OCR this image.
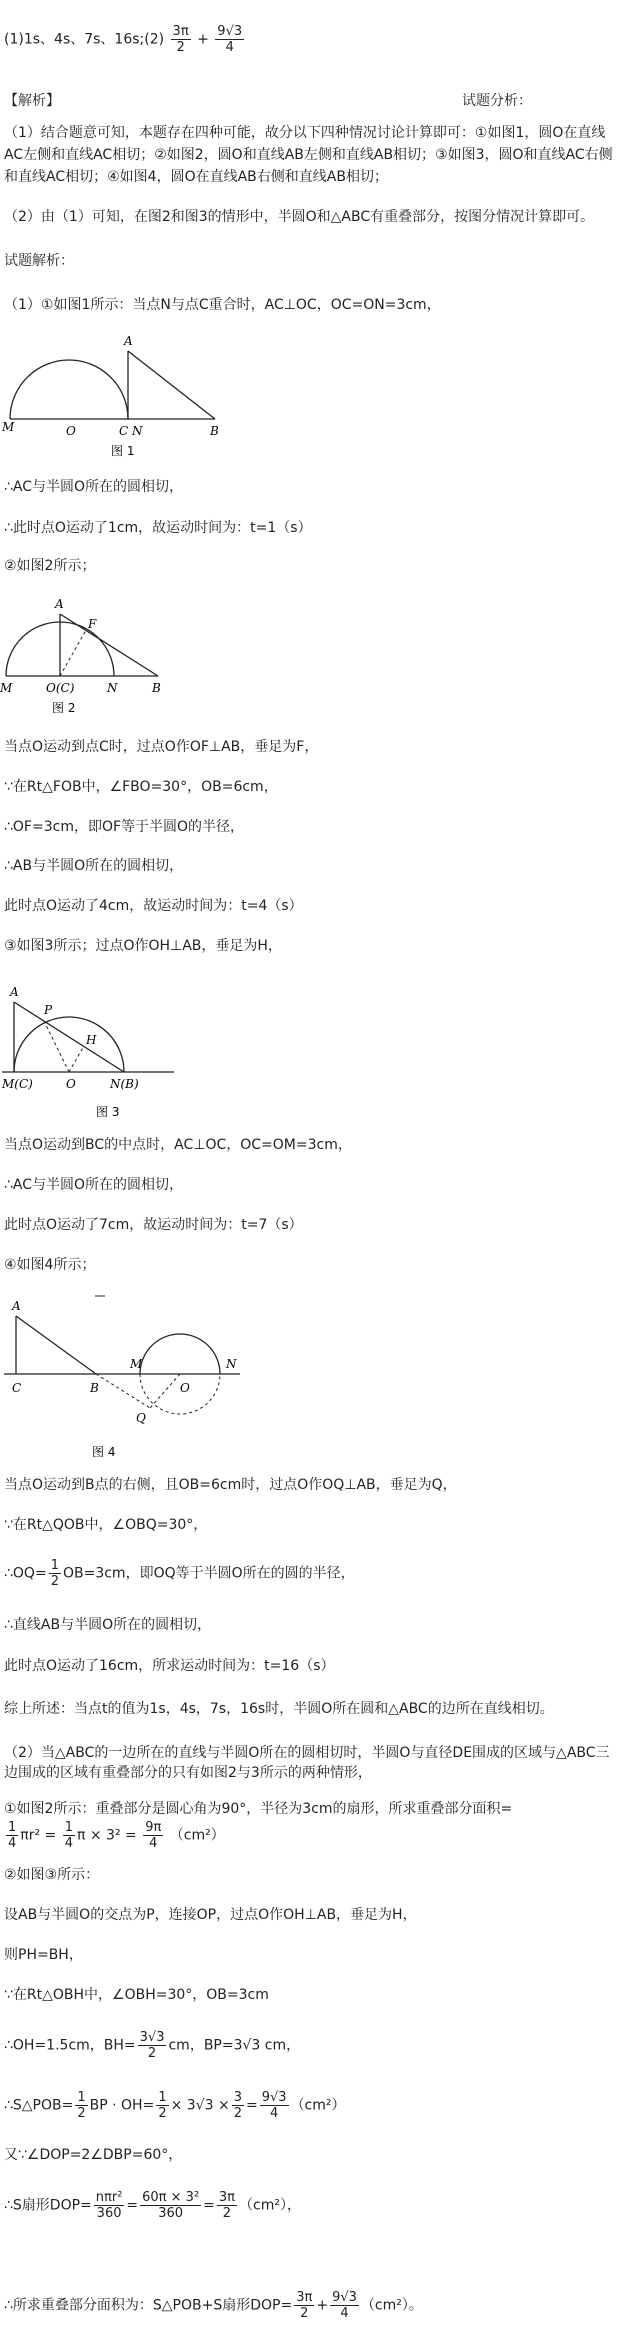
(1)1s、4s、7s、16s;(2) $\frac{3\pi}{2} + \frac{9√3}{4}$
【解析】	试题分析：
（1）结合题意可知，本题存在四种可能，故分以下四种情况讨论计算即可：①如图1，圆O在直线AC左侧和直线AC相切；②如图2，圆O和直线AB左侧和直线AB相切；③如图3，圆O和直线AC右侧和直线AC相切；④如图4，圆O在直线AB右侧和直线AB相切；
（2）由（1）可知，在图2和图3的情形中，半圆O和△ABC有重叠部分，按图分情况计算即可。
试题解析：
（1）①如图1所示：当点N与点C重合时，AC⊥OC，OC=ON=3cm，
A
M	O	C N	B
图 1
∴AC与半圆O所在的圆相切，
∴此时点O运动了1cm，故运动时间为：t=1（s）
②如图2所示；
A
F
M	O(C)	N	B
图 2
当点O运动到点C时，过点O作OF⊥AB，垂足为F，
∵在Rt△FOB中，∠FBO=30°，OB=6cm，
∴OF=3cm，即OF等于半圆O的半径，
∴AB与半圆O所在的圆相切，
此时点O运动了4cm，故运动时间为：t=4（s）
③如图3所示；过点O作OH⊥AB，垂足为H，
A
P
H
M(C)	O	N(B)
图 3
当点O运动到BC的中点时，AC⊥OC，OC=OM=3cm，
∴AC与半圆O所在的圆相切，
此时点O运动了7cm，故运动时间为：t=7（s）
④如图4所示；
A
C	B
M
O
N
Q
图 4
当点O运动到B点的右侧，且OB=6cm时，过点O作OQ⊥AB，垂足为Q，
∵在Rt△QOB中，∠OBQ=30°，
∴OQ= $\frac{1}{2} OB=3cm$，即OQ等于半圆O所在的圆的半径，
∴直线AB与半圆O所在的圆相切，
此时点O运动了16cm，所求运动时间为：t=16（s）
综上所述：当点t的值为1s，4s，7s，16s时，半圆O所在圆和△ABC的边所在直线相切。
（2）当△ABC的一边所在的直线与半圆O所在的圆相切时，半圆O与直径DE围成的区域与△ABC三
边围成的区域有重叠部分的只有如图2与3所示的两种情形，
①如图2所示：重叠部分是圆心角为90°，半径为3cm的扇形，所求重叠部分面积=
$\frac{1}{4} \pi r^2 = \frac{1}{4}$ $\pi \times 3^2 = \frac{9\pi}{4} (cm^2)$
②如图③所示：
设AB与半圆O的交点为P，连接OP，过点O作OH⊥AB，垂足为H，
则PH=BH，
∵在Rt△OBH中，∠OBH=30°，OB=3cm
∴OH=1.5cm，$BH= \frac{3√3}{2}$ cm，BP=3√3 cm，
∴S△POB= $\frac{1}{2}$ BP · $OH= \frac{1}{2} \times 3√3 \times \frac{3}{2} = \frac{9√3}{4} (cm^2)$
又∵∠DOP=2∠DBP=60°，
∴S扇形$DOP= \frac{\text{nπr²}}{360} = \frac{\text{60π × 3²}}{360} = \frac{3\pi}{2} (cm^2)$，
∴所求重叠部分面积为：S△POB+S扇形$DOP= \frac{3\pi}{2} + \frac{9√3}{4} (cm^2)$。
